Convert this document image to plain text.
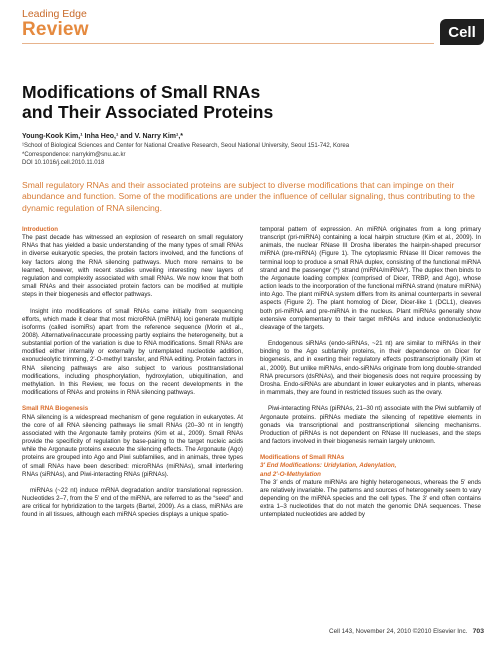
Leading Edge
Review	Cell
Modifications of Small RNAs
and Their Associated Proteins
Young-Kook Kim,¹ Inha Heo,¹ and V. Narry Kim¹,*
¹School of Biological Sciences and Center for National Creative Research, Seoul National University, Seoul 151-742, Korea
*Correspondence: narrykim@snu.ac.kr
DOI 10.1016/j.cell.2010.11.018
Small regulatory RNAs and their associated proteins are subject to diverse modifications that can impinge on their abundance and function. Some of the modifications are under the influence of cellular signaling, thus contributing to the dynamic regulation of RNA silencing.
Introduction

The past decade has witnessed an explosion of research on small regulatory RNAs that has yielded a basic understanding of the many types of small RNAs in diverse eukaryotic species, the protein factors involved, and the functions of key factors along the RNA silencing pathways. Much more remains to be learned, however, with recent studies unveiling interesting new layers of regulation and complexity associated with small RNAs. We now know that both small RNAs and their associated protein factors can be modified at multiple steps in their biogenesis and effector pathways.

Insight into modifications of small RNAs came initially from sequencing efforts, which made it clear that most microRNA (miRNA) loci generate multiple isoforms (called isomiRs) apart from the reference sequence (Morin et al., 2008). Alternative/inaccurate processing partly explains the heterogeneity, but a substantial portion of the variation is due to RNA modifications. Small RNAs are modified either internally or externally by untemplated nucleotide addition, exonucleolytic trimming, 2′-O-methyl transfer, and RNA editing. Protein factors in RNA silencing pathways are also subject to various posttranslational modifications, including phosphorylation, hydroxylation, ubiquitination, and methylation. In this Review, we focus on the recent developments in the modifications of RNAs and proteins in RNA silencing pathways.

Small RNA Biogenesis

RNA silencing is a widespread mechanism of gene regulation in eukaryotes. At the core of all RNA silencing pathways lie small RNAs (20–30 nt in length) associated with the Argonaute family proteins (Kim et al., 2009). Small RNAs provide the specificity of regulation by base-pairing to the target nucleic acids while the Argonaute proteins execute the silencing effects. The Argonaute (Ago) proteins are grouped into Ago and Piwi subfamilies, and in animals, three types of small RNAs have been described: microRNAs (miRNAs), small interfering RNAs (siRNAs), and Piwi-interacting RNAs (piRNAs).

miRNAs (~22 nt) induce mRNA degradation and/or translational repression. Nucleotides 2–7, from the 5′ end of the miRNA, are referred to as the “seed” and are critical for hybridization to the targets (Bartel, 2009). As a class, miRNAs are found in all tissues, although each miRNA species displays a unique spatio-

temporal pattern of expression. An miRNA originates from a long primary transcript (pri-miRNA) containing a local hairpin structure (Kim et al., 2009). In animals, the nuclear RNase III Drosha liberates the hairpin-shaped precursor miRNA (pre-miRNA) (Figure 1). The cytoplasmic RNase III Dicer removes the terminal loop to produce a small RNA duplex, consisting of the functional miRNA strand and the passenger (*) strand (miRNA/miRNA*). The duplex then binds to the Argonaute loading complex (comprised of Dicer, TRBP, and Ago), whose action leads to the incorporation of the functional miRNA strand (mature miRNA) into Ago. The plant miRNA system differs from its animal counterparts in several aspects (Figure 2). The plant homolog of Dicer, Dicer-like 1 (DCL1), cleaves both pri-miRNA and pre-miRNA in the nucleus. Plant miRNAs generally show extensive complementary to their target mRNAs and induce endonucleolytic cleavage of the targets.

Endogenous siRNAs (endo-siRNAs, ~21 nt) are similar to miRNAs in their binding to the Ago subfamily proteins, in their dependence on Dicer for biogenesis, and in exerting their regulatory effects posttranscriptionally (Kim et al., 2009). But unlike miRNAs, endo-siRNAs originate from long double-stranded RNA precursors (dsRNAs), and their biogenesis does not require processing by Drosha. Endo-siRNAs are abundant in lower eukaryotes and in plants, whereas in mammals, they are found in restricted tissues such as the ovary.

Piwi-interacting RNAs (piRNAs, 21–30 nt) associate with the Piwi subfamily of Argonaute proteins. piRNAs mediate the silencing of repetitive elements in gonads via transcriptional and posttranscriptional silencing mechanisms. Production of piRNAs is not dependent on RNase III nucleases, and the steps and factors involved in their biogenesis remain largely unknown.

Modifications of Small RNAs
3′ End Modifications: Uridylation, Adenylation,
and 2′-O-Methylation

The 3′ ends of mature miRNAs are highly heterogeneous, whereas the 5′ ends are relatively invariable. The patterns and sources of heterogeneity seem to vary depending on the miRNA species and the cell types. The 3′ end often contains extra 1–3 nucleotides that do not match the genomic DNA sequences. These untemplated nucleotides are added by

Cell 143, November 24, 2010 ©2010 Elsevier Inc. 703
